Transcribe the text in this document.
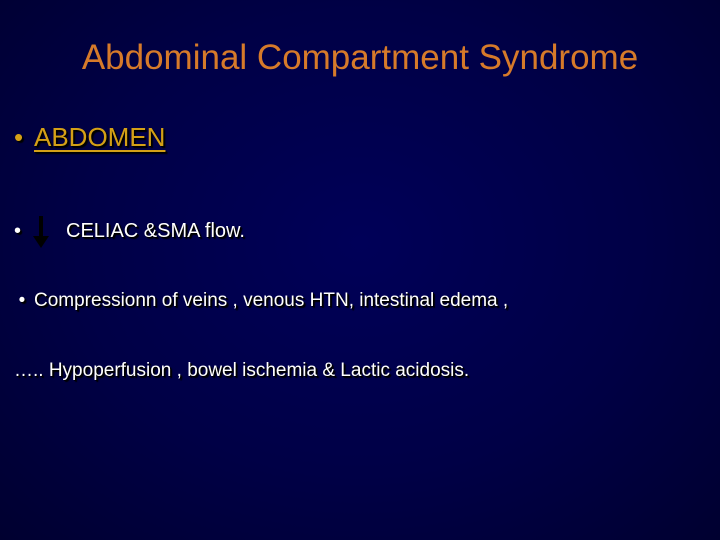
Abdominal Compartment Syndrome
• ABDOMEN
• CELIAC &SMA flow.
• Compressionn of veins , venous HTN, intestinal edema ,
….. Hypoperfusion , bowel ischemia & Lactic acidosis.
